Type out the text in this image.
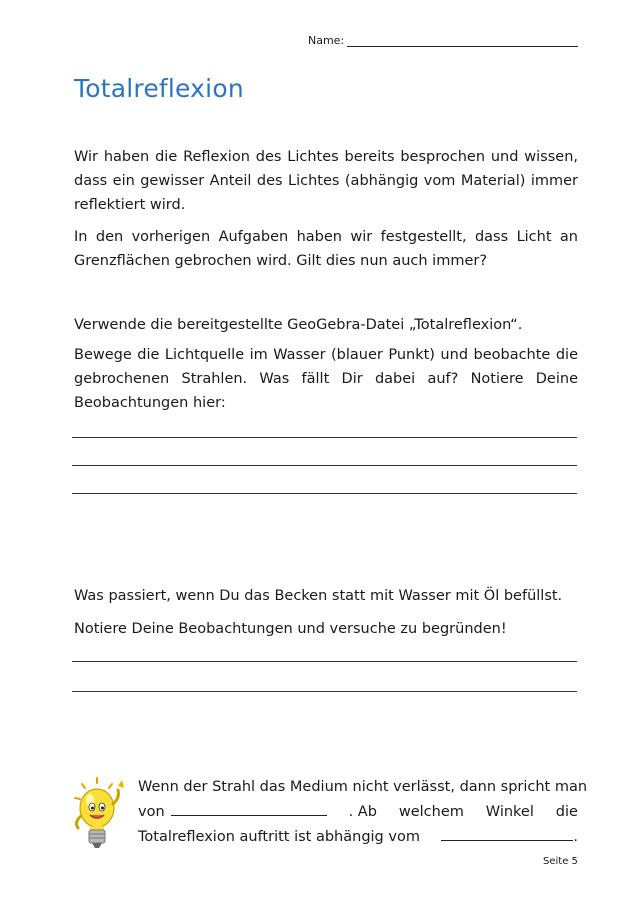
Name:
Totalreflexion
Wir haben die Reflexion des Lichtes bereits besprochen und wissen, dass ein gewisser Anteil des Lichtes (abhängig vom Material) immer reflektiert wird.
In den vorherigen Aufgaben haben wir festgestellt, dass Licht an Grenzflächen gebrochen wird. Gilt dies nun auch immer?
Verwende die bereitgestellte GeoGebra-Datei „Totalreflexion“.
Bewege die Lichtquelle im Wasser (blauer Punkt) und beobachte die gebrochenen Strahlen. Was fällt Dir dabei auf? Notiere Deine Beobachtungen hier:
Was passiert, wenn Du das Becken statt mit Wasser mit Öl befüllst.
Notiere Deine Beobachtungen und versuche zu begründen!
Wenn der Strahl das Medium nicht verlässt, dann spricht man
von	. Ab welchem Winkel die
Totalreflexion auftritt ist abhängig vom	.
Seite 5
